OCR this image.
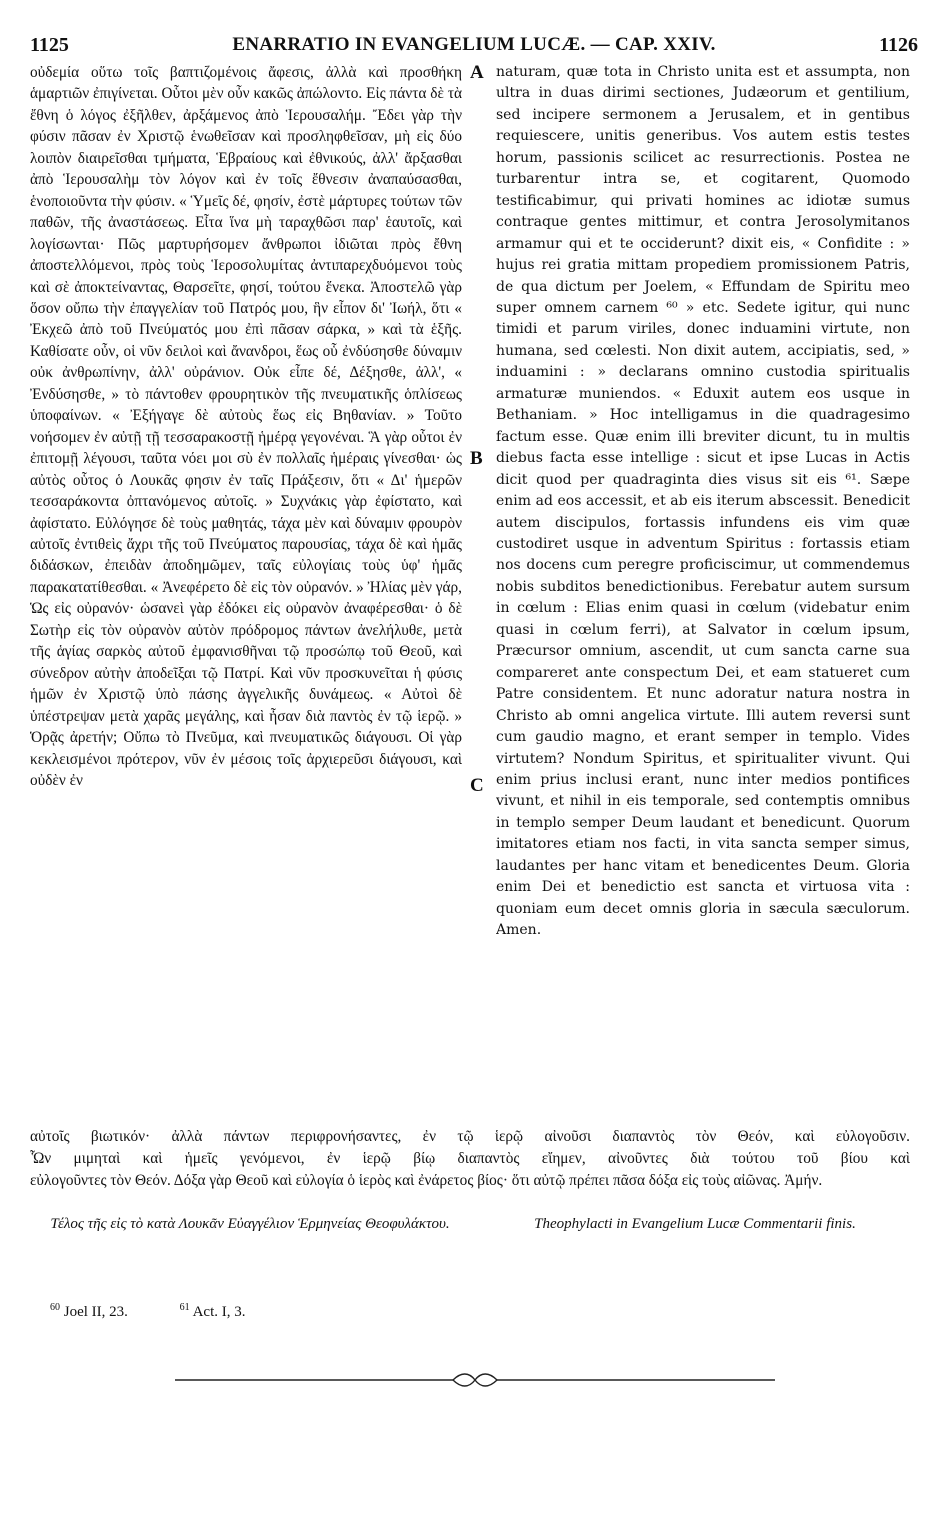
1125	ENARRATIO IN EVANGELIUM LUCÆ. — CAP. XXIV.	1126

οὐδεμία οὕτω τοῖς βαπτιζομένοις ἄφεσις, ἀλλὰ καὶ προσθήκη ἁμαρτιῶν ἐπιγίνεται. Οὗτοι μὲν οὖν κακῶς ἀπώλοντο. Εἰς πάντα δὲ τὰ ἔθνη ὁ λόγος ἐξῆλθεν, ἀρξάμενος ἀπὸ Ἱερουσαλήμ. Ἔδει γὰρ τὴν φύσιν πᾶσαν ἐν Χριστῷ ἑνωθεῖσαν καὶ προσληφθεῖσαν, μὴ εἰς δύο λοιπὸν διαιρεῖσθαι τμήματα, Ἑβραίους καὶ ἐθνικούς, ἀλλ' ἄρξασθαι ἀπὸ Ἱερουσαλὴμ τὸν λόγον καὶ ἐν τοῖς ἔθνεσιν ἀναπαύσασθαι, ἑνοποιοῦντα τὴν φύσιν. « Ὑμεῖς δέ, φησίν, ἐστὲ μάρτυρες τούτων τῶν παθῶν, τῆς ἀναστάσεως. Εἶτα ἵνα μὴ ταραχθῶσι παρ' ἑαυτοῖς, καὶ λογίσωνται· Πῶς μαρτυρήσομεν ἄνθρωποι ἰδιῶται πρὸς ἔθνη ἀποστελλόμενοι, πρὸς τοὺς Ἱεροσολυμίτας ἀντιπαρεχδυόμενοι τοὺς καὶ σὲ ἀποκτείναντας, Θαρσεῖτε, φησί, τούτου ἕνεκα. Ἀποστελῶ γὰρ ὅσον οὔπω τὴν ἐπαγγελίαν τοῦ Πατρός μου, ἣν εἶπον δι' Ἰωήλ, ὅτι « Ἐκχεῶ ἀπὸ τοῦ Πνεύματός μου ἐπὶ πᾶσαν σάρκα, » καὶ τὰ ἑξῆς. Καθίσατε οὖν, οἱ νῦν δειλοὶ καὶ ἄνανδροι, ἕως οὗ ἐνδύσησθε δύναμιν οὐκ ἀνθρωπίνην, ἀλλ' οὐράνιον. Οὐκ εἶπε δέ, Δέξησθε, ἀλλ', « Ἐνδύσησθε, » τὸ πάντοθεν φρουρητικὸν τῆς πνευματικῆς ὁπλίσεως ὑποφαίνων. « Ἐξήγαγε δὲ αὐτοὺς ἕως εἰς Βηθανίαν. » Τοῦτο νοήσομεν ἐν αὐτῇ τῇ τεσσαρακοστῇ ἡμέρᾳ γεγονέναι. Ἃ γὰρ οὗτοι ἐν ἐπιτομῇ λέγουσι, ταῦτα νόει μοι σὺ ἐν πολλαῖς ἡμέραις γίνεσθαι· ὡς αὐτὸς οὗτος ὁ Λουκᾶς φησιν ἐν ταῖς Πράξεσιν, ὅτι « Δι' ἡμερῶν τεσσαράκοντα ὀπτανόμενος αὐτοῖς. » Συχνάκις γὰρ ἐφίστατο, καὶ ἀφίστατο. Εὐλόγησε δὲ τοὺς μαθητάς, τάχα μὲν καὶ δύναμιν φρουρὸν αὐτοῖς ἐντιθεὶς ἄχρι τῆς τοῦ Πνεύματος παρουσίας, τάχα δὲ καὶ ἡμᾶς διδάσκων, ἐπειδὰν ἀποδημῶμεν, ταῖς εὐλογίαις τοὺς ὑφ' ἡμᾶς παρακατατίθεσθαι. « Ἀνεφέρετο δὲ εἰς τὸν οὐρανόν. » Ἠλίας μὲν γάρ, Ὡς εἰς οὐρανόν· ὡσανεὶ γὰρ ἐδόκει εἰς οὐρανὸν ἀναφέρεσθαι· ὁ δὲ Σωτὴρ εἰς τὸν οὐρανὸν αὐτὸν πρόδρομος πάντων ἀνελήλυθε, μετὰ τῆς ἁγίας σαρκὸς αὐτοῦ ἐμφανισθῆναι τῷ προσώπῳ τοῦ Θεοῦ, καὶ σύνεδρον αὐτὴν ἀποδεῖξαι τῷ Πατρί. Καὶ νῦν προσκυνεῖται ἡ φύσις ἡμῶν ἐν Χριστῷ ὑπὸ πάσης ἀγγελικῆς δυνάμεως. « Αὐτοὶ δὲ ὑπέστρεψαν μετὰ χαρᾶς μεγάλης, καὶ ἦσαν διὰ παντὸς ἐν τῷ ἱερῷ. » Ὁρᾷς ἀρετήν; Οὔπω τὸ Πνεῦμα, καὶ πνευματικῶς διάγουσι. Οἱ γὰρ κεκλεισμένοι πρότερον, νῦν ἐν μέσοις τοῖς ἀρχιερεῦσι διάγουσι, καὶ οὐδὲν ἐν

A
B
C

naturam, quæ tota in Christo unita est et assumpta, non ultra in duas dirimi sectiones, Judæorum et gentilium, sed incipere sermonem a Jerusalem, et in gentibus requiescere, unitis generibus. Vos autem estis testes horum, passionis scilicet ac resurrectionis. Postea ne turbarentur intra se, et cogitarent, Quomodo testificabimur, qui privati homines ac idiotæ sumus contraque gentes mittimur, et contra Jerosolymitanos armamur qui et te occiderunt? dixit eis, « Confidite : » hujus rei gratia mittam propediem promissionem Patris, de qua dictum per Joelem, « Effundam de Spiritu meo super omnem carnem ⁶⁰ » etc. Sedete igitur, qui nunc timidi et parum viriles, donec induamini virtute, non humana, sed cœlesti. Non dixit autem, accipiatis, sed, » induamini : » declarans omnino custodia spiritualis armaturæ muniendos. « Eduxit autem eos usque in Bethaniam. » Hoc intelligamus in die quadragesimo factum esse. Quæ enim illi breviter dicunt, tu in multis diebus facta esse intellige : sicut et ipse Lucas in Actis dicit quod per quadraginta dies visus sit eis ⁶¹. Sæpe enim ad eos accessit, et ab eis iterum abscessit. Benedicit autem discipulos, fortassis infundens eis vim quæ custodiret usque in adventum Spiritus : fortassis etiam nos docens cum peregre proficiscimur, ut commendemus nobis subditos benedictionibus. Ferebatur autem sursum in cœlum : Elias enim quasi in cœlum (videbatur enim quasi in cœlum ferri), at Salvator in cœlum ipsum, Præcursor omnium, ascendit, ut cum sancta carne sua compareret ante conspectum Dei, et eam statueret cum Patre considentem. Et nunc adoratur natura nostra in Christo ab omni angelica virtute. Illi autem reversi sunt cum gaudio magno, et erant semper in templo. Vides virtutem? Nondum Spiritus, et spiritualiter vivunt. Qui enim prius inclusi erant, nunc inter medios pontifices vivunt, et nihil in eis temporale, sed contemptis omnibus in templo semper Deum laudant et benedicunt. Quorum imitatores etiam nos facti, in vita sancta semper simus, laudantes per hanc vitam et benedicentes Deum. Gloria enim Dei et benedictio est sancta et virtuosa vita : quoniam eum decet omnis gloria in sæcula sæculorum. Amen.

αὐτοῖς βιωτικόν· ἀλλὰ πάντων περιφρονήσαντες, ἐν τῷ ἱερῷ αἰνοῦσι διαπαντὸς τὸν Θεόν, καὶ εὐλογοῦσιν.
Ὧν μιμηταὶ καὶ ἡμεῖς γενόμενοι, ἐν ἱερῷ βίῳ διαπαντὸς εἴημεν, αἰνοῦντες διὰ τούτου τοῦ βίου καὶ
εὐλογοῦντες τὸν Θεόν. Δόξα γὰρ Θεοῦ καὶ εὐλογία ὁ ἱερὸς καὶ ἐνάρετος βίος· ὅτι αὐτῷ πρέπει πᾶσα δόξα εἰς τοὺς αἰῶνας. Ἀμήν.
Τέλος τῆς εἰς τὸ κατὰ Λουκᾶν Εὐαγγέλιον Ἑρμηνείας Θεοφυλάκτου.	Theophylacti in Evangelium Lucæ Commentarii finis.
$^{60}$ Joel II, 23.	$^{61}$ Act. I, 3.
